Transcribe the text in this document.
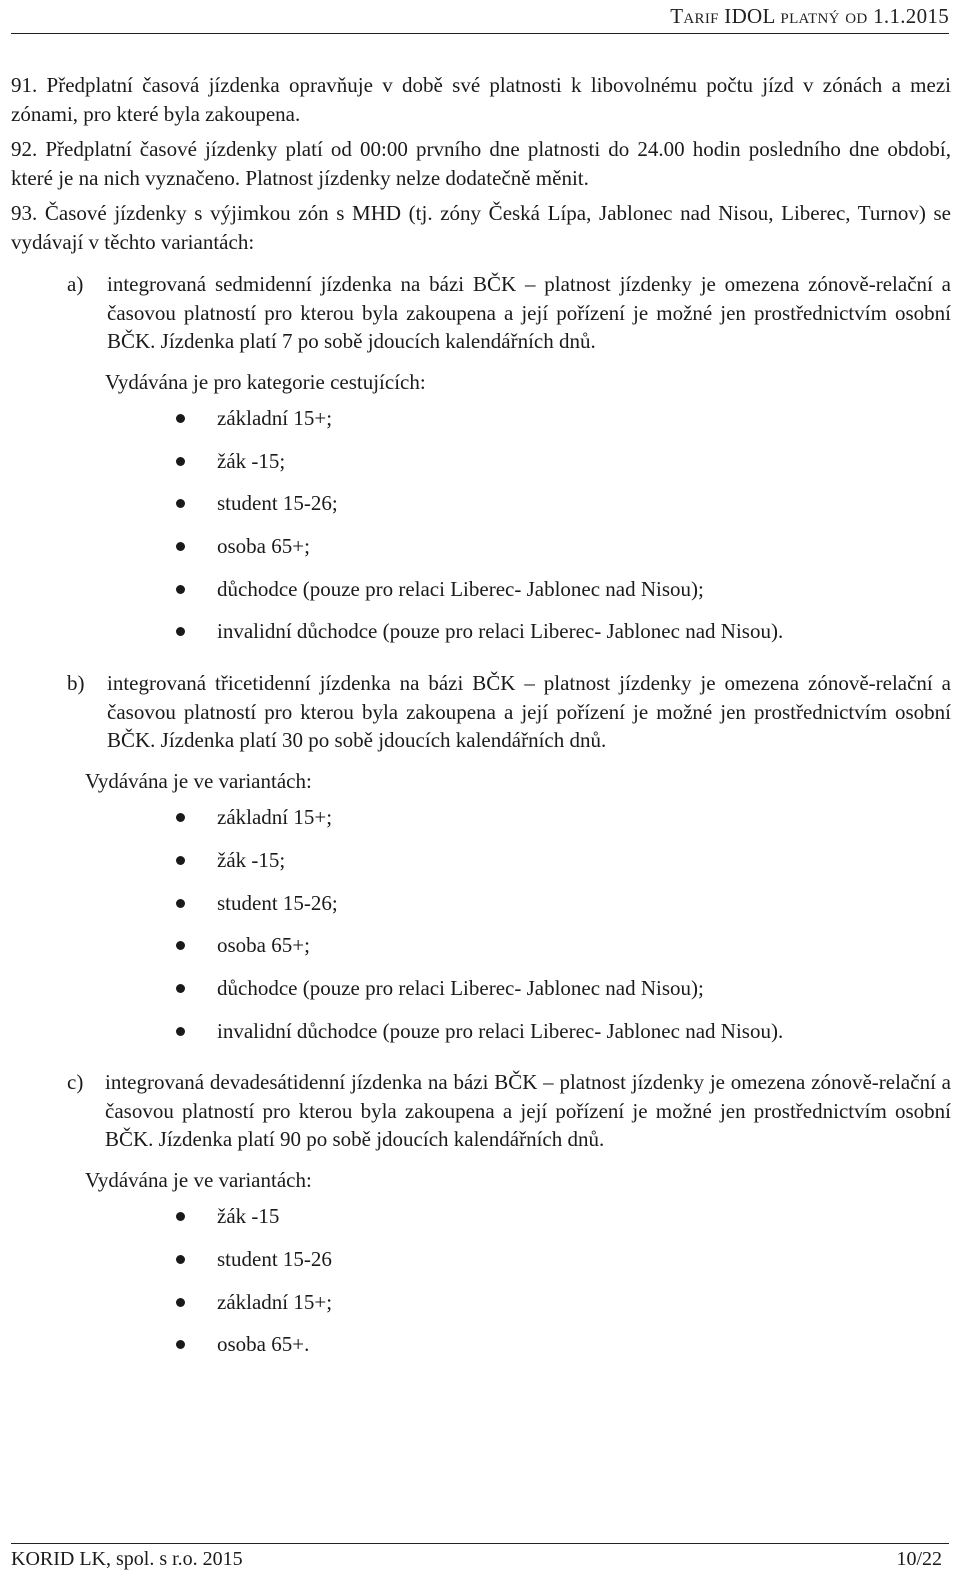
Tarif IDOL platný od 1.1.2015

91. Předplatní časová jízdenka opravňuje v době své platnosti k libovolnému počtu jízd v zónách a mezi zónami, pro které byla zakoupena.

92. Předplatní časové jízdenky platí od 00:00 prvního dne platnosti do 24.00 hodin posledního dne období, které je na nich vyznačeno. Platnost jízdenky nelze dodatečně měnit.

93. Časové jízdenky s výjimkou zón s MHD (tj. zóny Česká Lípa, Jablonec nad Nisou, Liberec, Turnov) se vydávají v těchto variantách:

a)	integrovaná sedmidenní jízdenka na bázi BČK – platnost jízdenky je omezena zónově-relační a časovou platností pro kterou byla zakoupena a její pořízení je možné jen prostřednictvím osobní BČK. Jízdenka platí 7 po sobě jdoucích kalendářních dnů.
Vydávána je pro kategorie cestujících:
základní 15+;
žák -15;
student 15-26;
osoba 65+;
důchodce (pouze pro relaci Liberec- Jablonec nad Nisou);
invalidní důchodce (pouze pro relaci Liberec- Jablonec nad Nisou).
b)	integrovaná třicetidenní jízdenka na bázi BČK – platnost jízdenky je omezena zónově-relační a časovou platností pro kterou byla zakoupena a její pořízení je možné jen prostřednictvím osobní BČK. Jízdenka platí 30 po sobě jdoucích kalendářních dnů.
Vydávána je ve variantách:
základní 15+;
žák -15;
student 15-26;
osoba 65+;
důchodce (pouze pro relaci Liberec- Jablonec nad Nisou);
invalidní důchodce (pouze pro relaci Liberec- Jablonec nad Nisou).
c)	integrovaná devadesátidenní jízdenka na bázi BČK – platnost jízdenky je omezena zónově-relační a časovou platností pro kterou byla zakoupena a její pořízení je možné jen prostřednictvím osobní BČK. Jízdenka platí 90 po sobě jdoucích kalendářních dnů.
Vydávána je ve variantách:
žák -15
student 15-26
základní 15+;
osoba 65+.
KORID LK, spol. s r.o. 2015	10/22
